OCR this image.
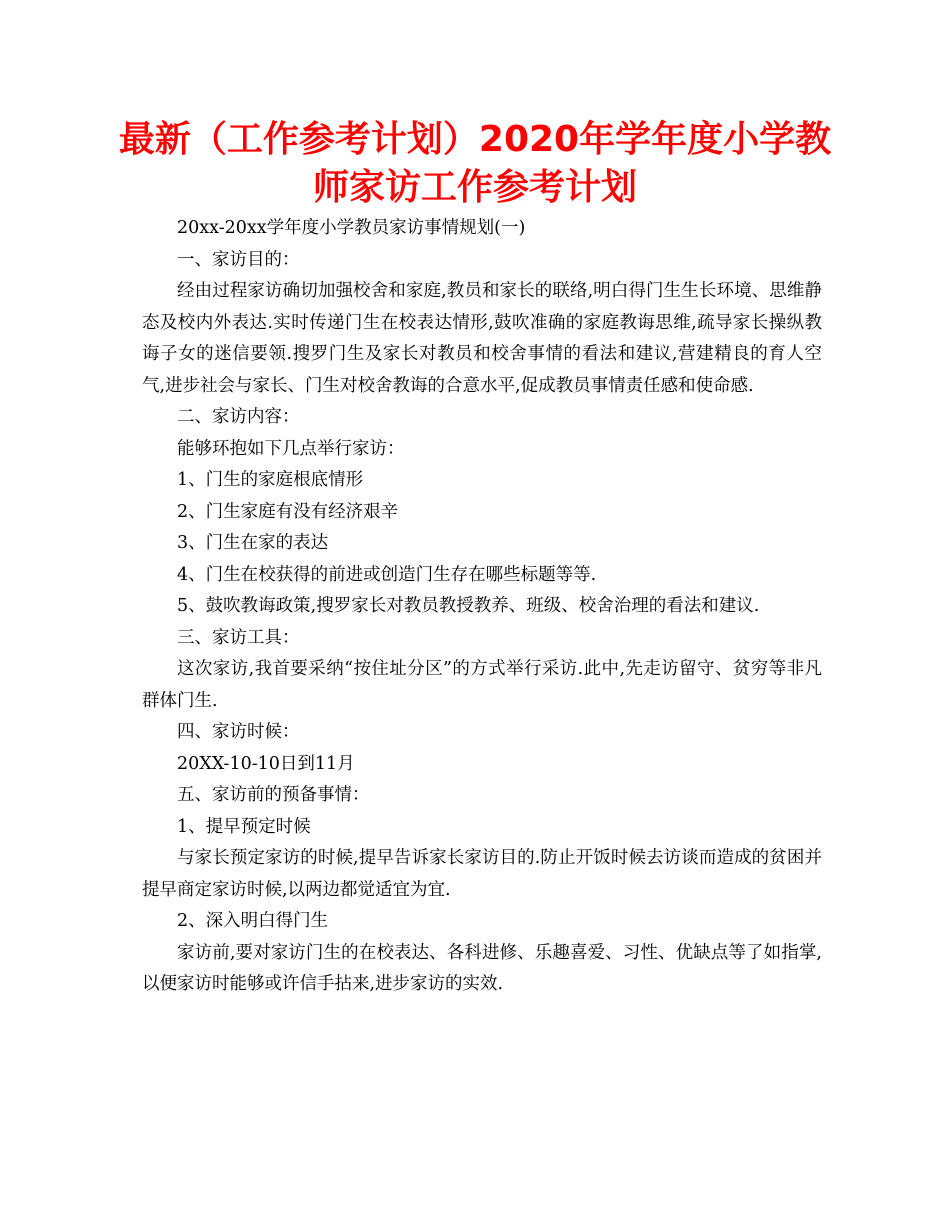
最新（工作参考计划）2020年学年度小学教师家访工作参考计划

20xx-20xx学年度小学教员家访事情规划(一)

一、家访目的：

经由过程家访确切加强校舍和家庭,教员和家长的联络,明白得门生生长环境、思维静态及校内外表达.实时传递门生在校表达情形,鼓吹准确的家庭教诲思维,疏导家长操纵教诲子女的迷信要领.搜罗门生及家长对教员和校舍事情的看法和建议,营建精良的育人空气,进步社会与家长、门生对校舍教诲的合意水平,促成教员事情责任感和使命感.

二、家访内容：

能够环抱如下几点举行家访：

1、门生的家庭根底情形

2、门生家庭有没有经济艰辛

3、门生在家的表达

4、门生在校获得的前进或创造门生存在哪些标题等等.

5、鼓吹教诲政策,搜罗家长对教员教授教养、班级、校舍治理的看法和建议.

三、家访工具：

这次家访,我首要采纳“按住址分区”的方式举行采访.此中,先走访留守、贫穷等非凡群体门生.

四、家访时候：

20XX-10-10日到11月

五、家访前的预备事情：

1、提早预定时候

与家长预定家访的时候,提早告诉家长家访目的.防止开饭时候去访谈而造成的贫困并提早商定家访时候,以两边都觉适宜为宜.

2、深入明白得门生

家访前,要对家访门生的在校表达、各科进修、乐趣喜爱、习性、优缺点等了如指掌,以便家访时能够或许信手拈来,进步家访的实效.
